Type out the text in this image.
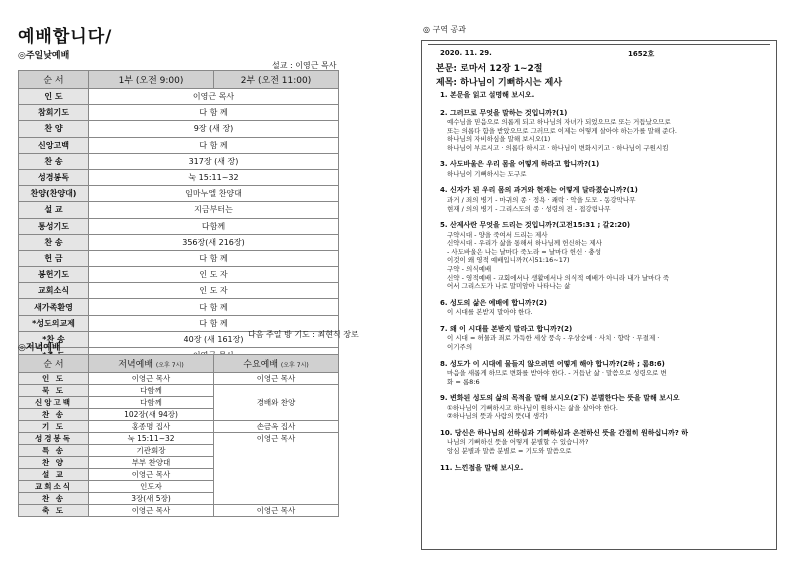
예배합니다/
◎주일낮예배
설교 : 이영근 목사
순 서	1부 (오전 9:00)	2부 (오전 11:00)
인 도	이영근 목사	
참회기도	다 함 께	
찬 양	9장 (새 장)	
신앙고백	다 함 께	
찬 송	317장 (새 장)	
성경봉독	눅 15:11~32	
찬양(찬양대)	임마누엘 찬양대	
설 교	지금부터는	
통성기도	다함께	
찬 송	356장(새 216장)	
헌 금	다 함 께	
봉헌기도	인 도 자	
교회소식	인 도 자	
새가족환영	다 함 께	
*성도의교제	다 함 께	
*찬 송	40장 (새 161장)	

다음 주일 방 기도 : 최현식 장로
◎저녁예배
순 서	저녁예배 (오후 7시)	수요예배 (오후 7시)
인 도	이영근 목사	이영근 목사
묵 도	다함께	경배와 찬양
신앙고백	다함께	
찬 송	102장(새 94장)	
기 도	홍종명 집사	손금옥 집사
성경봉독	눅 15:11~32	이영근 목사
특 송	기관회장	
찬 양	부부 찬양대	
설 교	이영근 목사	
교회소식	인도자	
찬 송	3장(새 5장)	
축 도	이영근 목사	이영근 목사
◎ 구역 공과
2020. 11. 29.	1652호
본문: 로마서 12장 1~2절
제목: 하나님이 기뻐하시는 제사
1. 본문을 읽고 설명해 보시오.
2. 그러므로 무엇을 말하는 것입니까?(1)
예수님을 믿음으로 의롭게 되고 하나님의 자녀가 되었으므로 또는 거듭났으므로
또는 의롭다 함을 받았으므로 그러므로 이제는 어떻게 살아야 하는가를 말해 준다.
하나님의 자비하심을 말해 보시오(1)
하나님이 부르시고 · 의롭다 하시고 · 하나님이 변화시키고 · 하나님이 구원시킴
3. 사도바울은 우리 몸을 어떻게 하라고 합니까?(1)
하나님이 기뻐하시는 도구로
4. 신자가 된 우리 몸의 과거와 현재는 어떻게 달라졌습니까?(1)
과거 / 죄의 병기 - 마귀의 종 · 정욕 · 쾌락 · 악을 도모 - 동강막나무
현재 / 의의 병기 - 그리스도의 종 · 성령의 전 - 접강림나무
5. 산제사란 무엇을 드리는 것입니까?(고전15:31 ; 갈2:20)
구약시대 - 양을 죽여서 드리는 제사
신약시대 - 우리가 삶을 통해서 하나님께 헌신하는 제사
- 사도바울은 나는 날마다 죽노라 = 날마다 헌신 · 충성
이것이 왜 영적 예배입니까?(시51:16~17)
구약 - 의식예배
신약 - 영적예배 - 교회에서나 생활에서나 의식적 예배가 아니라 내가 날마다 죽
어서 그리스도가 나로 말미암아 나타나는 삶
6. 성도의 삶은 예배에 합니까?(2)
이 시대를 본받지 말아야 한다.
7. 왜 이 시대를 본받지 말라고 합니까?(2)
이 시대 = 허물과 죄로 가득한 세상 풍속 - 우상숭배 · 사치 · 향락 · 무절제 ·
이기주의
8. 성도가 이 시대에 물들지 않으려면 어떻게 해야 합니까?(2하 ; 롬8:6)
마음을 새롭게 하므로 변화를 받아야 한다. - 거듭난 삶 · 말씀으로 성령으로 변
화 = 롬8:6
9. 변화된 성도의 삶의 목적을 말해 보시오(2下) 분별한다는 뜻을 말해 보시오
①하나님이 기뻐하시고 하나님이 원하시는 삶을 살아야 한다.
②하나님의 뜻과 사람의 뜻(내 생각)
10. 당신은 하나님의 선하심과 기뻐하심과 온전하신 뜻을 간절히 원하십니까? 하
나님의 기뻐하신 뜻을 어떻게 분별할 수 있습니까?
앙심 분별과 말씀 분별로 = 기도와 말씀으로
11. 느낀점을 말해 보시오.
